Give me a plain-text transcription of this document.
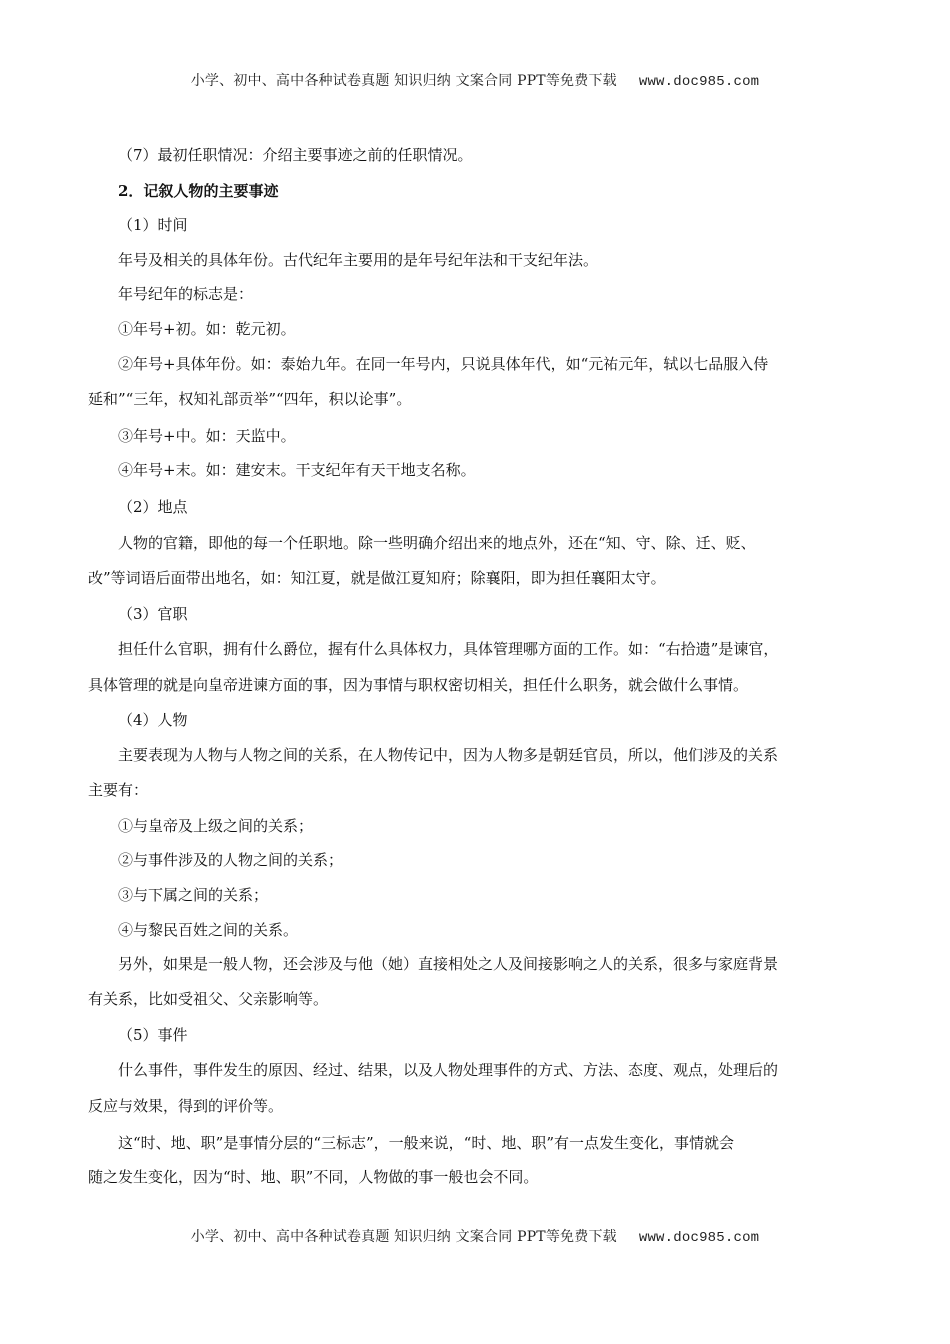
小学、初中、高中各种试卷真题 知识归纳 文案合同 PPT等免费下载 www.doc985.com
（7）最初任职情况：介绍主要事迹之前的任职情况。
2．记叙人物的主要事迹
（1）时间
年号及相关的具体年份。古代纪年主要用的是年号纪年法和干支纪年法。
年号纪年的标志是：
①年号+初。如：乾元初。
②年号+具体年份。如：泰始九年。在同一年号内，只说具体年代，如“元祐元年，轼以七品服入侍
延和”“三年，权知礼部贡举”“四年，积以论事”。
③年号+中。如：天监中。
④年号+末。如：建安末。干支纪年有天干地支名称。
（2）地点
人物的官籍，即他的每一个任职地。除一些明确介绍出来的地点外，还在“知、守、除、迁、贬、
改”等词语后面带出地名，如：知江夏，就是做江夏知府；除襄阳，即为担任襄阳太守。
（3）官职
担任什么官职，拥有什么爵位，握有什么具体权力，具体管理哪方面的工作。如：“右拾遗”是谏官，
具体管理的就是向皇帝进谏方面的事，因为事情与职权密切相关，担任什么职务，就会做什么事情。
（4）人物
主要表现为人物与人物之间的关系，在人物传记中，因为人物多是朝廷官员，所以，他们涉及的关系
主要有：
①与皇帝及上级之间的关系；
②与事件涉及的人物之间的关系；
③与下属之间的关系；
④与黎民百姓之间的关系。
另外，如果是一般人物，还会涉及与他（她）直接相处之人及间接影响之人的关系，很多与家庭背景
有关系，比如受祖父、父亲影响等。
（5）事件
什么事件，事件发生的原因、经过、结果，以及人物处理事件的方式、方法、态度、观点，处理后的
反应与效果，得到的评价等。
这“时、地、职”是事情分层的“三标志”，一般来说，“时、地、职”有一点发生变化，事情就会
随之发生变化，因为“时、地、职”不同，人物做的事一般也会不同。
小学、初中、高中各种试卷真题 知识归纳 文案合同 PPT等免费下载 www.doc985.com
